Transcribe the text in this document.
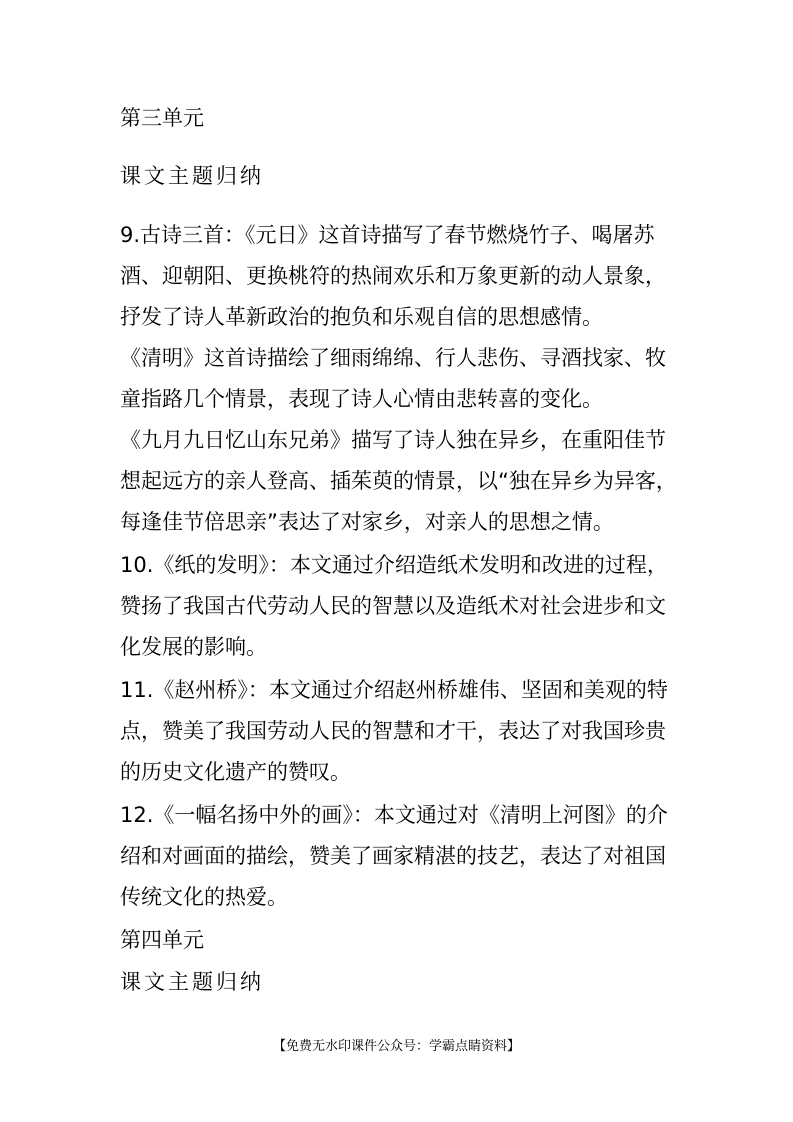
第三单元
课文主题归纳
9.古诗三首：《元日》这首诗描写了春节燃烧竹子、喝屠苏
酒、迎朝阳、更换桃符的热闹欢乐和万象更新的动人景象，
抒发了诗人革新政治的抱负和乐观自信的思想感情。
《清明》这首诗描绘了细雨绵绵、行人悲伤、寻酒找家、牧
童指路几个情景，表现了诗人心情由悲转喜的变化。
《九月九日忆山东兄弟》描写了诗人独在异乡，在重阳佳节
想起远方的亲人登高、插茱萸的情景，以“独在异乡为异客，
每逢佳节倍思亲”表达了对家乡，对亲人的思想之情。
10.《纸的发明》：本文通过介绍造纸术发明和改进的过程，
赞扬了我国古代劳动人民的智慧以及造纸术对社会进步和文
化发展的影响。
11.《赵州桥》：本文通过介绍赵州桥雄伟、坚固和美观的特
点，赞美了我国劳动人民的智慧和才干，表达了对我国珍贵
的历史文化遗产的赞叹。
12.《一幅名扬中外的画》：本文通过对《清明上河图》的介
绍和对画面的描绘，赞美了画家精湛的技艺，表达了对祖国
传统文化的热爱。
第四单元
课文主题归纳
【免费无水印课件公众号：学霸点睛资料】
